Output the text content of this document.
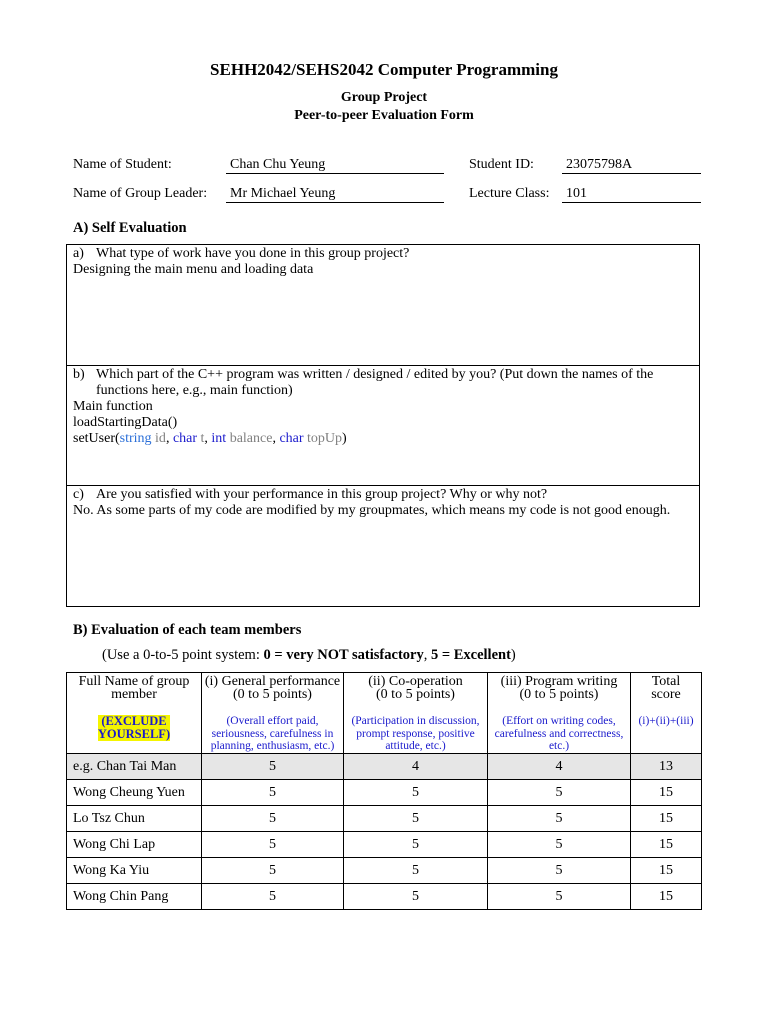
SEHH2042/SEHS2042 Computer Programming
Group Project
Peer-to-peer Evaluation Form
Name of Student:	Chan Chu Yeung	Student ID: 23075798A
Name of Group Leader: Mr Michael Yeung	Lecture Class: 101
A) Self Evaluation
a) What type of work have you done in this group project?
Designing the main menu and loading data
b) Which part of the C++ program was written / designed / edited by you? (Put down the names of the functions here, e.g., main function)
Main function
loadStartingData()
setUser(string id, char t, int balance, char topUp)
c) Are you satisfied with your performance in this group project? Why or why not?
No. As some parts of my code are modified by my groupmates, which means my code is not good enough.
B) Evaluation of each team members
(Use a 0-to-5 point system: 0 = very NOT satisfactory, 5 = Excellent)
Full Name of group
member
(EXCLUDE
YOURSELF)	(i) General performance
(0 to 5 points)
(Overall effort paid, seriousness, carefulness in planning, enthusiasm, etc.)	(ii) Co-operation
(0 to 5 points)
(Participation in discussion, prompt response, positive attitude, etc.)	(iii) Program writing
(0 to 5 points)
(Effort on writing codes, carefulness and correctness, etc.)	Total
score
(i)+(ii)+(iii)

e.g. Chan Tai Man	5	4	4	13
Wong Cheung Yuen	5	5	5	15
Lo Tsz Chun	5	5	5	15
Wong Chi Lap	5	5	5	15
Wong Ka Yiu	5	5	5	15
Wong Chin Pang	5	5	5	15
